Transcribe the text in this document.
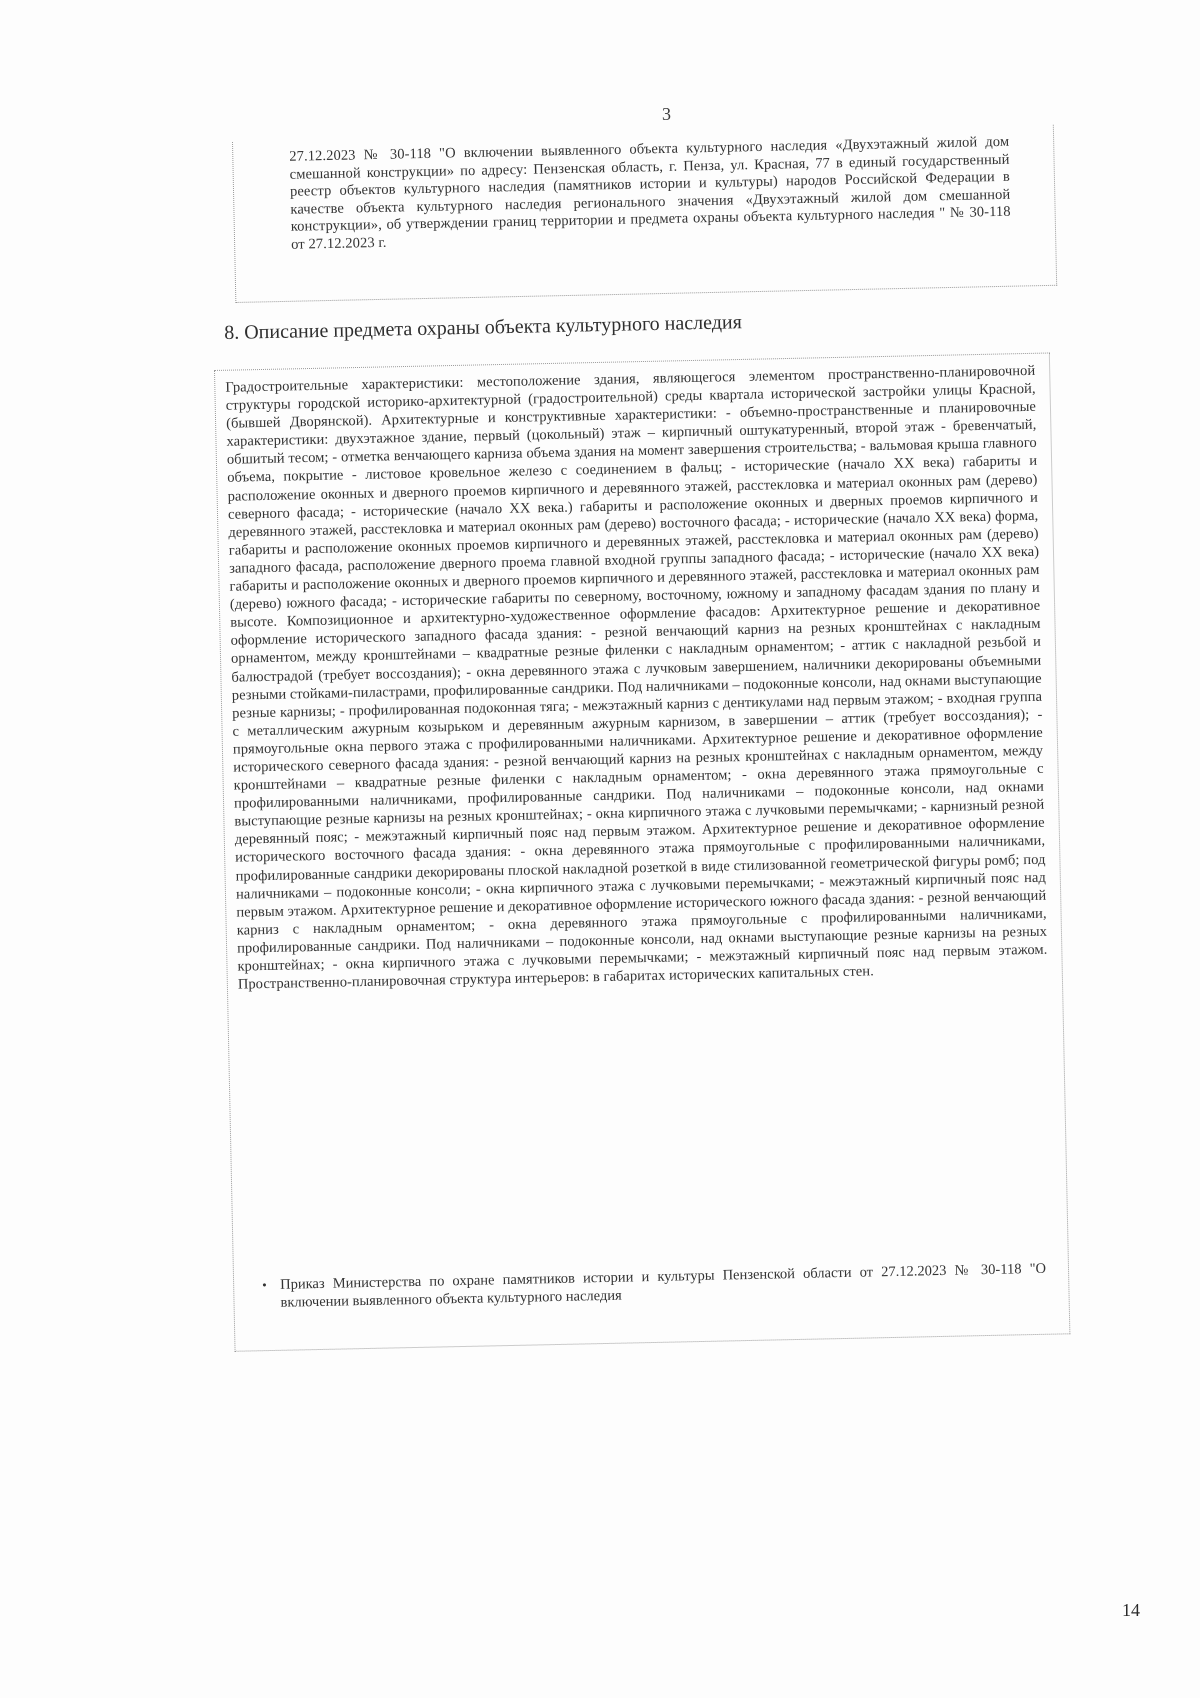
3
27.12.2023 № 30-118 "О включении выявленного объекта культурного наследия «Двухэтажный жилой дом смешанной конструкции» по адресу: Пензенская область, г. Пенза, ул. Красная, 77 в единый государственный реестр объектов культурного наследия (памятников истории и культуры) народов Российской Федерации в качестве объекта культурного наследия регионального значения «Двухэтажный жилой дом смешанной конструкции», об утверждении границ территории и предмета охраны объекта культурного наследия " № 30-118 от 27.12.2023 г.
8. Описание предмета охраны объекта культурного наследия
Градостроительные характеристики: местоположение здания, являющегося элементом пространственно-планировочной структуры городской историко-архитектурной (градостроительной) среды квартала исторической застройки улицы Красной, (бывшей Дворянской). Архитектурные и конструктивные характеристики: - объемно-пространственные и планировочные характеристики: двухэтажное здание, первый (цокольный) этаж – кирпичный оштукатуренный, второй этаж - бревенчатый, обшитый тесом; - отметка венчающего карниза объема здания на момент завершения строительства; - вальмовая крыша главного объема, покрытие - листовое кровельное железо с соединением в фальц; - исторические (начало XX века) габариты и расположение оконных и дверного проемов кирпичного и деревянного этажей, расстекловка и материал оконных рам (дерево) северного фасада; - исторические (начало XX века.) габариты и расположение оконных и дверных проемов кирпичного и деревянного этажей, расстекловка и материал оконных рам (дерево) восточного фасада; - исторические (начало XX века) форма, габариты и расположение оконных проемов кирпичного и деревянных этажей, расстекловка и материал оконных рам (дерево) западного фасада, расположение дверного проема главной входной группы западного фасада; - исторические (начало XX века) габариты и расположение оконных и дверного проемов кирпичного и деревянного этажей, расстекловка и материал оконных рам (дерево) южного фасада; - исторические габариты по северному, восточному, южному и западному фасадам здания по плану и высоте. Композиционное и архитектурно-художественное оформление фасадов: Архитектурное решение и декоративное оформление исторического западного фасада здания: - резной венчающий карниз на резных кронштейнах с накладным орнаментом, между кронштейнами – квадратные резные филенки с накладным орнаментом; - аттик с накладной резьбой и балюстрадой (требует воссоздания); - окна деревянного этажа с лучковым завершением, наличники декорированы объемными резными стойками-пиластрами, профилированные сандрики. Под наличниками – подоконные консоли, над окнами выступающие резные карнизы; - профилированная подоконная тяга; - межэтажный карниз с дентикулами над первым этажом; - входная группа с металлическим ажурным козырьком и деревянным ажурным карнизом, в завершении – аттик (требует воссоздания); - прямоугольные окна первого этажа с профилированными наличниками. Архитектурное решение и декоративное оформление исторического северного фасада здания: - резной венчающий карниз на резных кронштейнах с накладным орнаментом, между кронштейнами – квадратные резные филенки с накладным орнаментом; - окна деревянного этажа прямоугольные с профилированными наличниками, профилированные сандрики. Под наличниками – подоконные консоли, над окнами выступающие резные карнизы на резных кронштейнах; - окна кирпичного этажа с лучковыми перемычками; - карнизный резной деревянный пояс; - межэтажный кирпичный пояс над первым этажом. Архитектурное решение и декоративное оформление исторического восточного фасада здания: - окна деревянного этажа прямоугольные с профилированными наличниками, профилированные сандрики декорированы плоской накладной розеткой в виде стилизованной геометрической фигуры ромб; под наличниками – подоконные консоли; - окна кирпичного этажа с лучковыми перемычками; - межэтажный кирпичный пояс над первым этажом. Архитектурное решение и декоративное оформление исторического южного фасада здания: - резной венчающий карниз с накладным орнаментом; - окна деревянного этажа прямоугольные с профилированными наличниками, профилированные сандрики. Под наличниками – подоконные консоли, над окнами выступающие резные карнизы на резных кронштейнах; - окна кирпичного этажа с лучковыми перемычками; - межэтажный кирпичный пояс над первым этажом. Пространственно-планировочная структура интерьеров: в габаритах исторических капитальных стен.
• Приказ Министерства по охране памятников истории и культуры Пензенской области от 27.12.2023 № 30-118 "О включении выявленного объекта культурного наследия
14
